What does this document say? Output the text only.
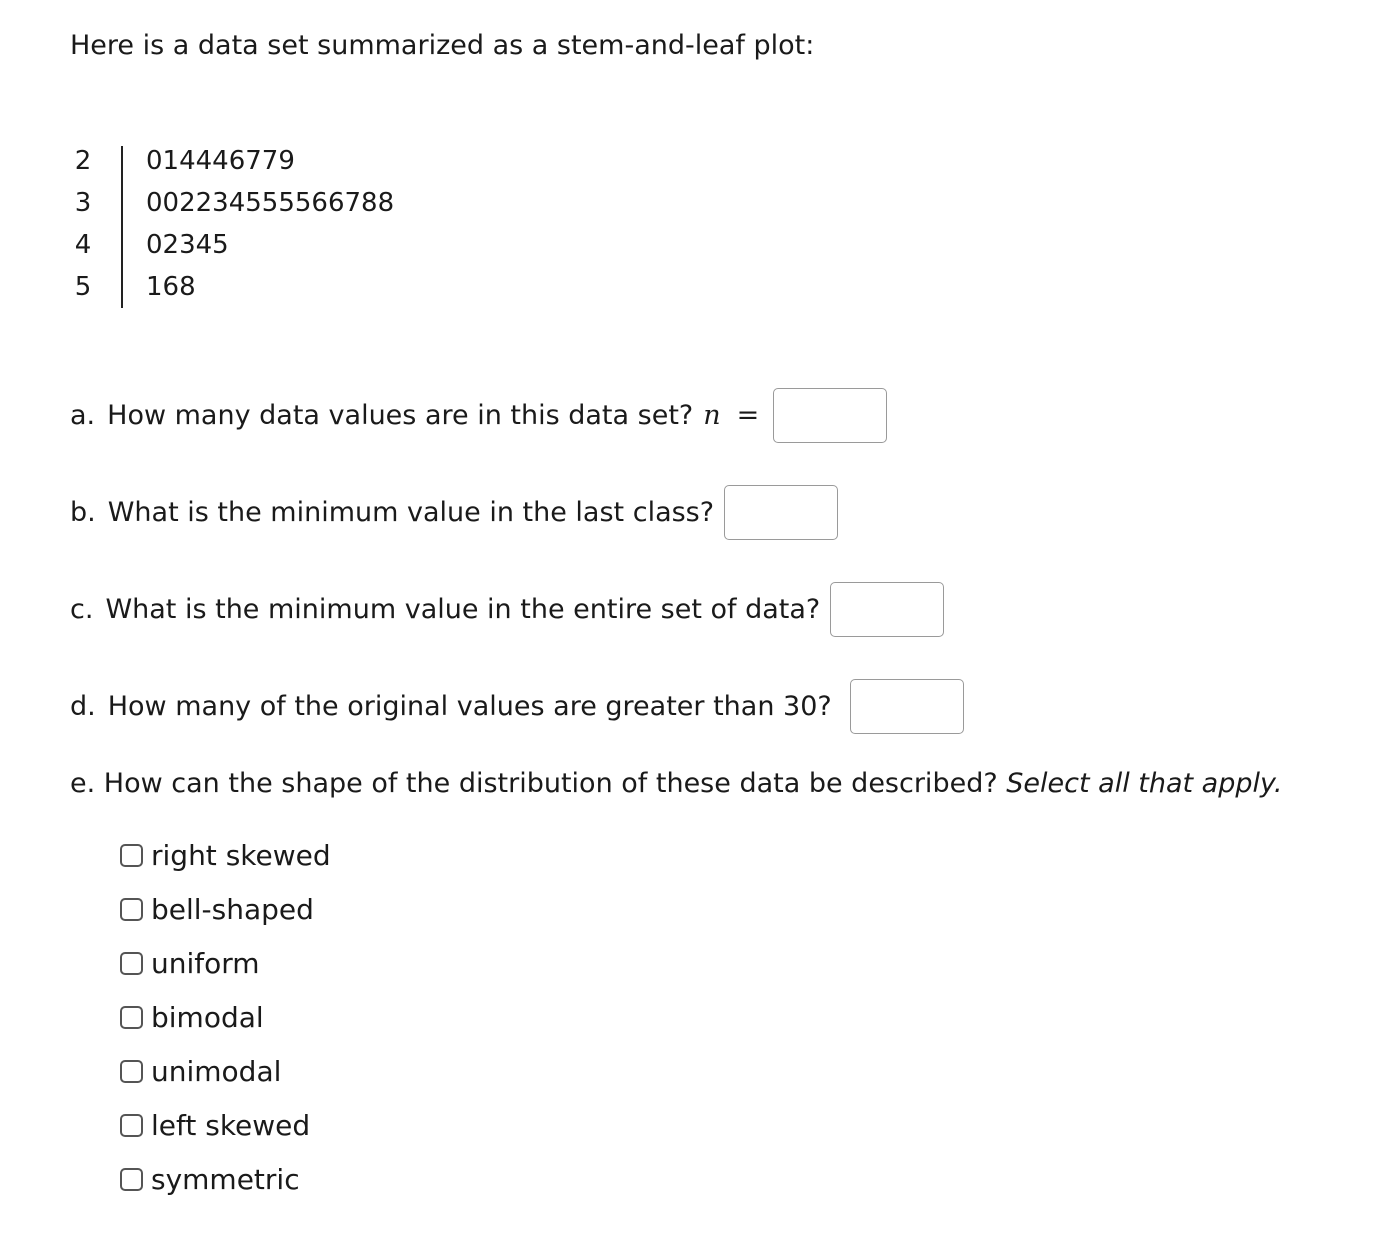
Here is a data set summarized as a stem-and-leaf plot:

2 014446779
3 002234555566788
4 02345
5 168
a. How many data values are in this data set? n =
b. What is the minimum value in the last class?
c. What is the minimum value in the entire set of data?
d. How many of the original values are greater than 30?
e. How can the shape of the distribution of these data be described? Select all that apply.
right skewed
bell-shaped
uniform
bimodal
unimodal
left skewed
symmetric
